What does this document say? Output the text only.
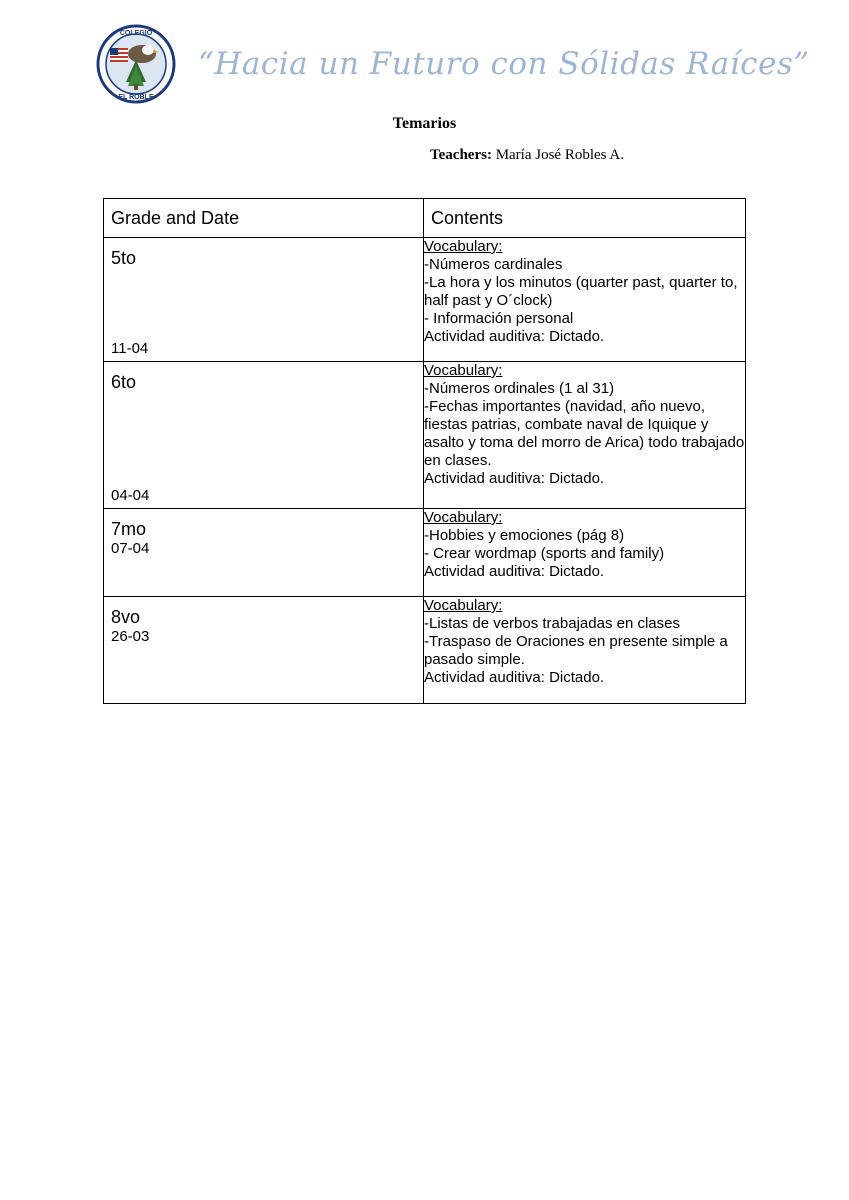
COLEGIO
EL ROBLE
“Hacia un Futuro con Sólidas Raíces”
Temarios
Teachers: María José Robles A.
Grade and Date	Contents

5to
11-04	Vocabulary:
-Números cardinales
-La hora y los minutos (quarter past, quarter to, half past y O´clock)
- Información personal
Actividad auditiva: Dictado.

6to
04-04	Vocabulary:
-Números ordinales (1 al 31)
-Fechas importantes (navidad, año nuevo, fiestas patrias, combate naval de Iquique y asalto y toma del morro de Arica) todo trabajado en clases.
Actividad auditiva: Dictado.

7mo
07-04	Vocabulary:
-Hobbies y emociones (pág 8)
- Crear wordmap (sports and family)
Actividad auditiva: Dictado.

8vo
26-03	Vocabulary:
-Listas de verbos trabajadas en clases
-Traspaso de Oraciones en presente simple a pasado simple.
Actividad auditiva: Dictado.
